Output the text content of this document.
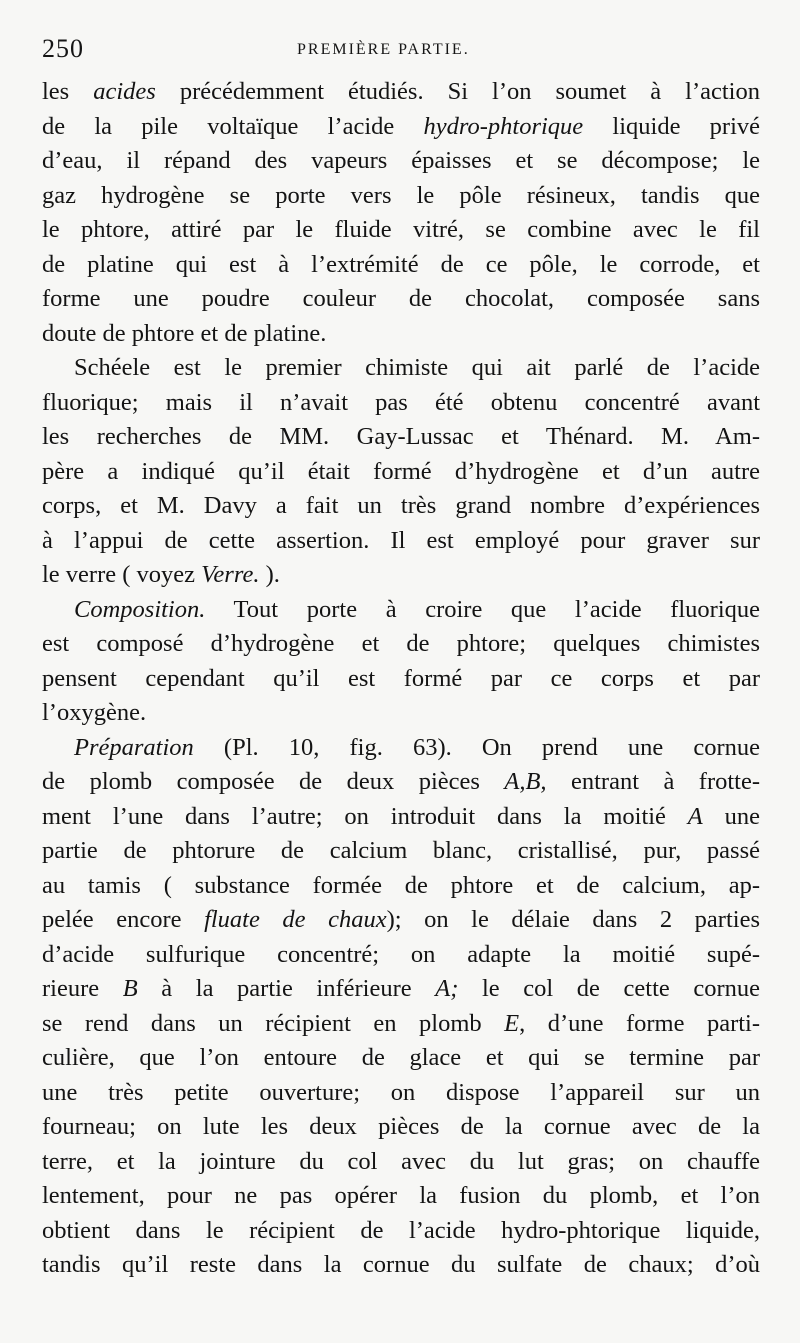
250	PREMIÈRE PARTIE.
les acides précédemment étudiés. Si l’on soumet à l’action
de la pile voltaïque l’acide hydro-phtorique liquide privé
d’eau, il répand des vapeurs épaisses et se décompose; le
gaz hydrogène se porte vers le pôle résineux, tandis que
le phtore, attiré par le fluide vitré, se combine avec le fil
de platine qui est à l’extrémité de ce pôle, le corrode, et
forme une poudre couleur de chocolat, composée sans
doute de phtore et de platine.
Schéele est le premier chimiste qui ait parlé de l’acide
fluorique; mais il n’avait pas été obtenu concentré avant
les recherches de MM. Gay-Lussac et Thénard. M. Am-
père a indiqué qu’il était formé d’hydrogène et d’un autre
corps, et M. Davy a fait un très grand nombre d’expériences
à l’appui de cette assertion. Il est employé pour graver sur
le verre ( voyez Verre. ).
Composition. Tout porte à croire que l’acide fluorique
est composé d’hydrogène et de phtore; quelques chimistes
pensent cependant qu’il est formé par ce corps et par
l’oxygène.
Préparation (Pl. 10, fig. 63). On prend une cornue
de plomb composée de deux pièces A,B, entrant à frotte-
ment l’une dans l’autre; on introduit dans la moitié A une
partie de phtorure de calcium blanc, cristallisé, pur, passé
au tamis ( substance formée de phtore et de calcium, ap-
pelée encore fluate de chaux); on le délaie dans 2 parties
d’acide sulfurique concentré; on adapte la moitié supé-
rieure B à la partie inférieure A; le col de cette cornue
se rend dans un récipient en plomb E, d’une forme parti-
culière, que l’on entoure de glace et qui se termine par
une très petite ouverture; on dispose l’appareil sur un
fourneau; on lute les deux pièces de la cornue avec de la
terre, et la jointure du col avec du lut gras; on chauffe
lentement, pour ne pas opérer la fusion du plomb, et l’on
obtient dans le récipient de l’acide hydro-phtorique liquide,
tandis qu’il reste dans la cornue du sulfate de chaux; d’où
